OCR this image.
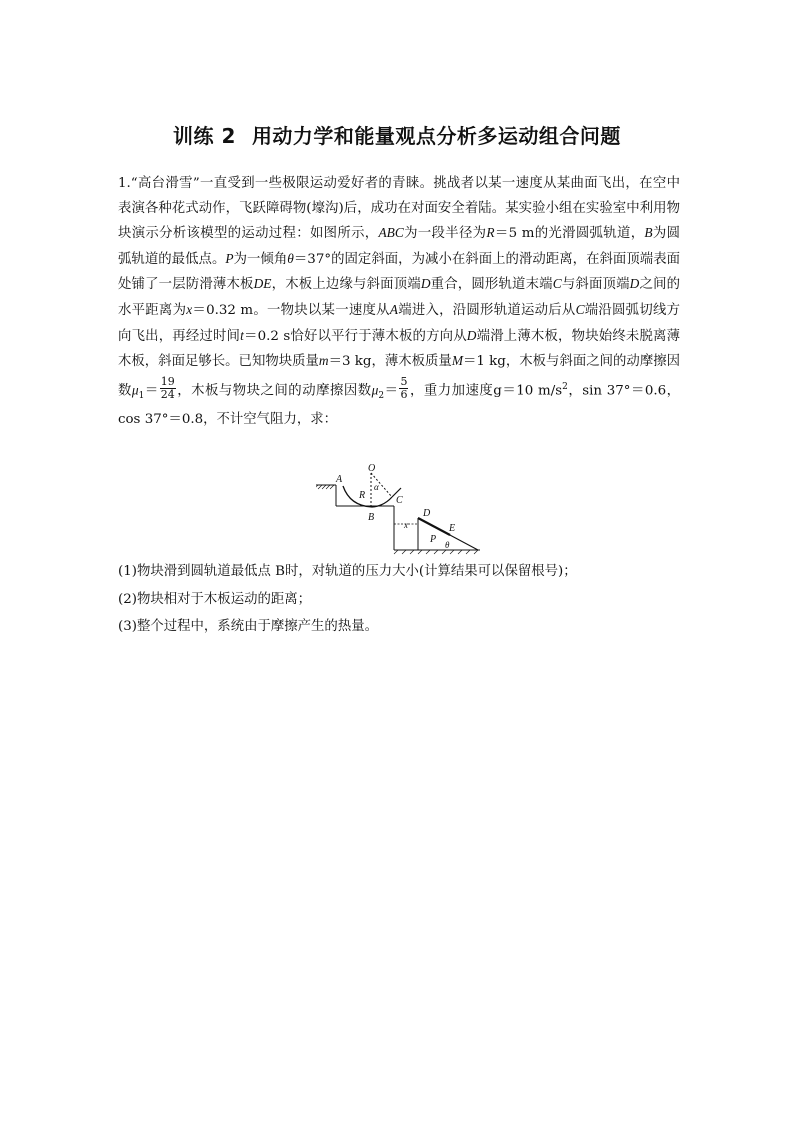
训练 2 用动力学和能量观点分析多运动组合问题

1.“高台滑雪”一直受到一些极限运动爱好者的青睐。挑战者以某一速度从某曲面飞出，在空中表演各种花式动作，飞跃障碍物(壕沟)后，成功在对面安全着陆。某实验小组在实验室中利用物块演示分析该模型的运动过程：如图所示，ABC为一段半径为R＝5 m的光滑圆弧轨道，B为圆弧轨道的最低点。P为一倾角θ＝37°的固定斜面，为减小在斜面上的滑动距离，在斜面顶端表面处铺了一层防滑薄木板DE，木板上边缘与斜面顶端D重合，圆形轨道末端C与斜面顶端D之间的水平距离为x＝0.32 m。一物块以某一速度从A端进入，沿圆形轨道运动后从C端沿圆弧切线方向飞出，再经过时间t＝0.2 s恰好以平行于薄木板的方向从D端滑上薄木板，物块始终未脱离薄木板，斜面足够长。已知物块质量m＝3 kg，薄木板质量M＝1 kg，木板与斜面之间的动摩擦因数$\mu_1= \frac{19}{24}$ ，木板与物块之间的动摩擦因数$\mu_2= \frac{5}{6}$ ，重力加速度g＝10 $m/s^2$，sin 37°＝0.6，cos 37°＝0.8，不计空气阻力，求：

O
A
R
α
B
C
D
x	E
P θ
(1)物块滑到圆轨道最低点 B时，对轨道的压力大小(计算结果可以保留根号)；
(2)物块相对于木板运动的距离；
(3)整个过程中，系统由于摩擦产生的热量。
